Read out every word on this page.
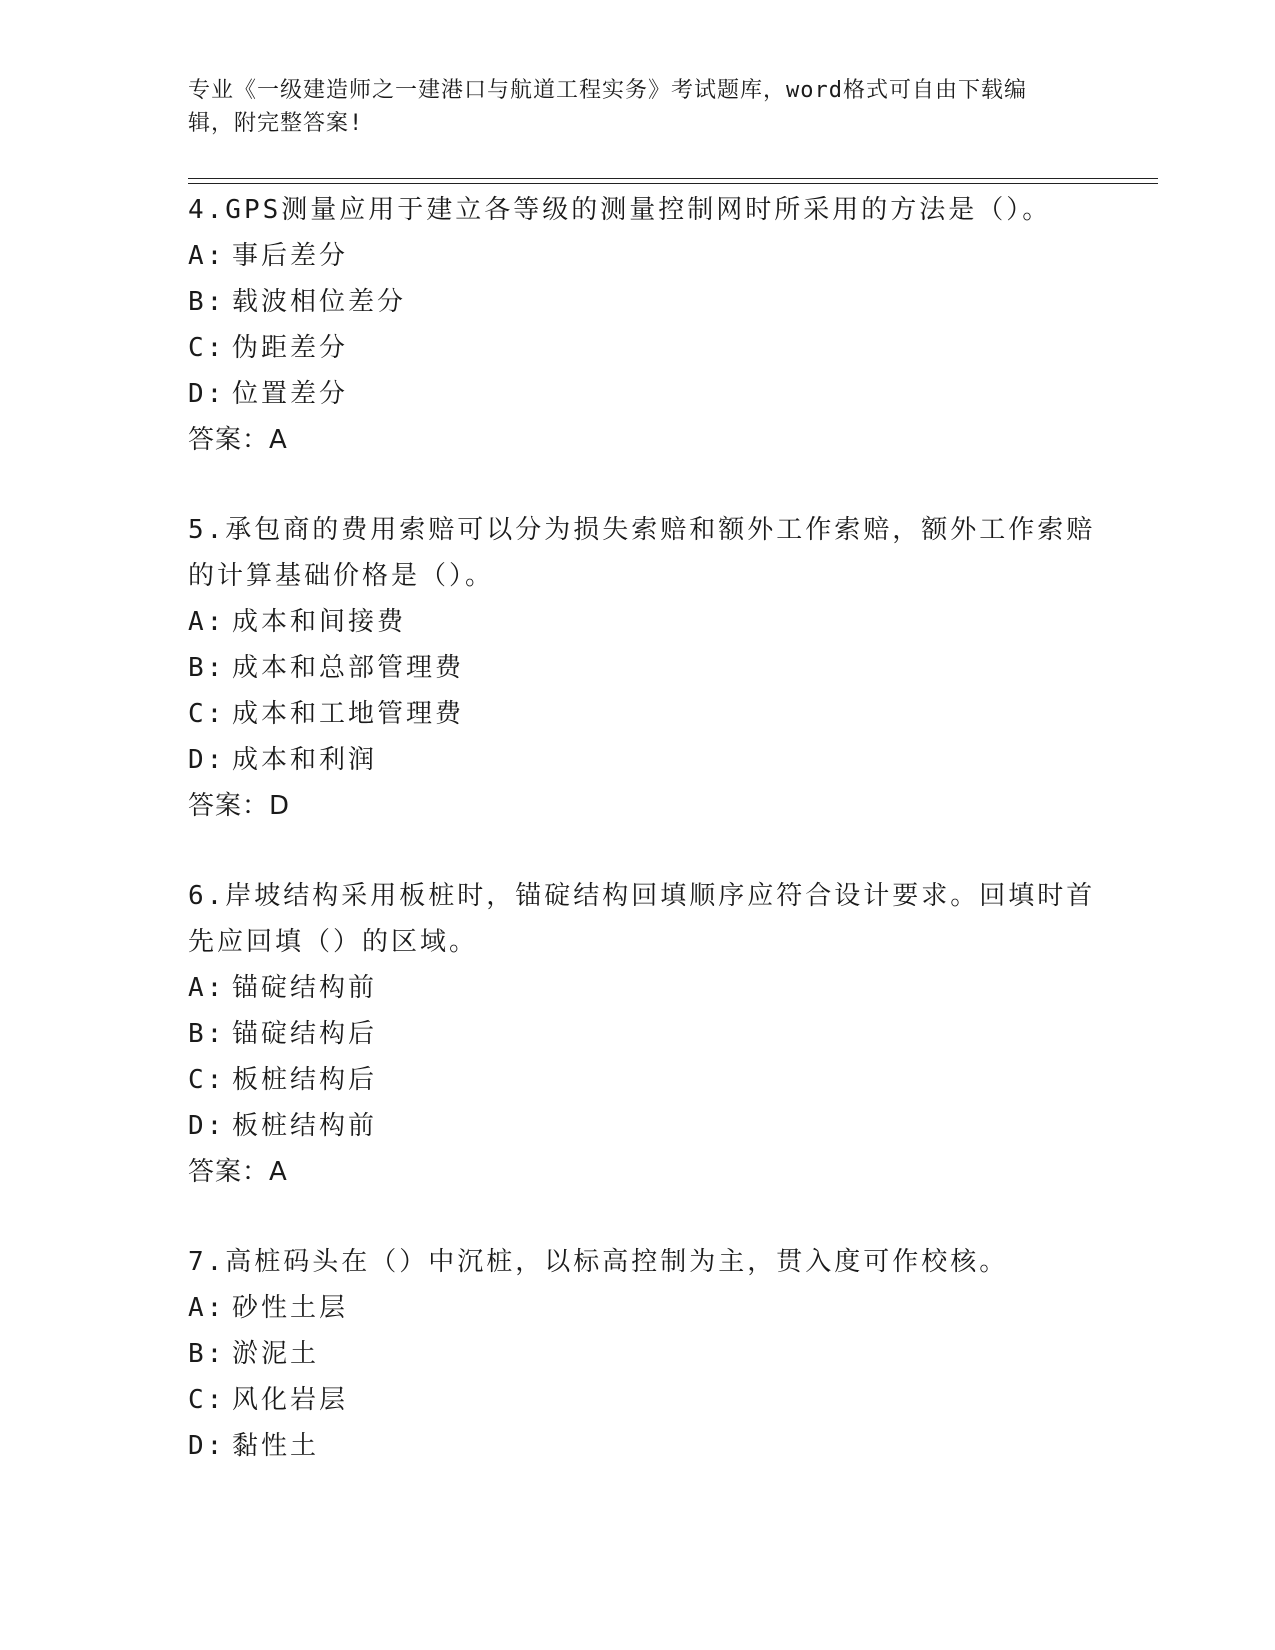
专业《一级建造师之一建港口与航道工程实务》考试题库，word格式可自由下载编辑，附完整答案!

4.GPS测量应用于建立各等级的测量控制网时所采用的方法是（）。

A: 事后差分

B: 载波相位差分

C: 伪距差分

D: 位置差分

答案：A

5.承包商的费用索赔可以分为损失索赔和额外工作索赔，额外工作索赔的计算基础价格是（）。

A: 成本和间接费

B: 成本和总部管理费

C: 成本和工地管理费

D: 成本和利润

答案：D

6.岸坡结构采用板桩时，锚碇结构回填顺序应符合设计要求。回填时首先应回填（）的区域。

A: 锚碇结构前

B: 锚碇结构后

C: 板桩结构后

D: 板桩结构前

答案：A

7.高桩码头在（）中沉桩，以标高控制为主，贯入度可作校核。

A: 砂性土层

B: 淤泥土

C: 风化岩层

D: 黏性土
